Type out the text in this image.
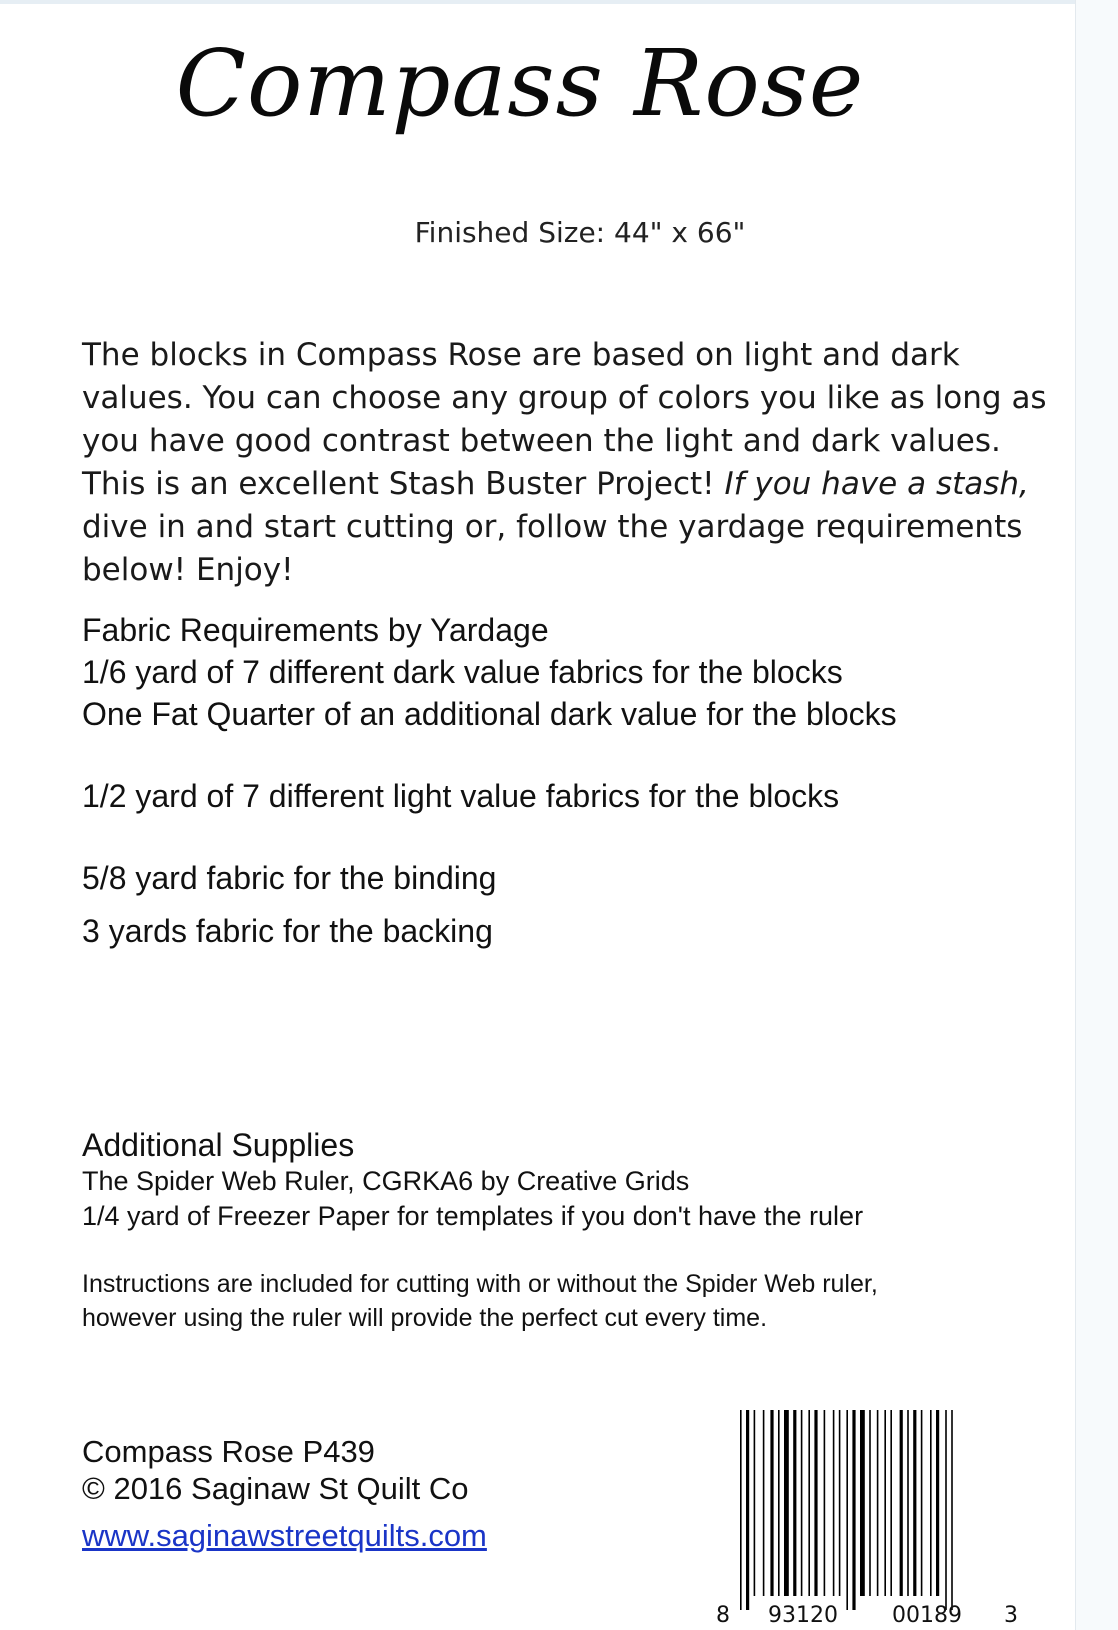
Compass Rose
Finished Size: 44" x 66"
The blocks in Compass Rose are based on light and dark values. You can choose any group of colors you like as long as you have good contrast between the light and dark values. This is an excellent Stash Buster Project! If you have a stash, dive in and start cutting or, follow the yardage requirements below! Enjoy!
Fabric Requirements by Yardage
1/6 yard of 7 different dark value fabrics for the blocks
One Fat Quarter of an additional dark value for the blocks
1/2 yard of 7 different light value fabrics for the blocks
5/8 yard fabric for the binding
3 yards fabric for the backing
Additional Supplies
The Spider Web Ruler, CGRKA6 by Creative Grids
1/4 yard of Freezer Paper for templates if you don't have the ruler
Instructions are included for cutting with or without the Spider Web ruler,
however using the ruler will provide the perfect cut every time.
Compass Rose P439
© 2016 Saginaw St Quilt Co
www.saginawstreetquilts.com
8 93120 00189 3
